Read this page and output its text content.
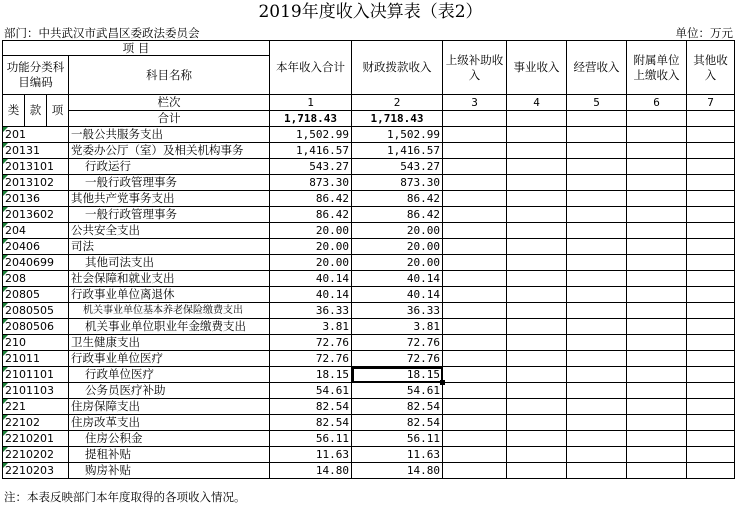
2019年度收入决算表（表2）
部门：中共武汉市武昌区委政法委员会	单位：万元
项 目				本年收入合计	财政拨款收入	上级补助收入	事业收入	经营收入	附属单位上缴收入	其他收入
功能分类科目编码			科目名称							
类	款	项								
			栏次	1	2	3	4	5	6	7
			合计	1,718.43	1,718.43					
201			一般公共服务支出	1,502.99	1,502.99					
20131			党委办公厅（室）及相关机构事务	1,416.57	1,416.57					
2013101			行政运行	543.27	543.27					
2013102			一般行政管理事务	873.30	873.30					
20136			其他共产党事务支出	86.42	86.42					
2013602			一般行政管理事务	86.42	86.42					
204			公共安全支出	20.00	20.00					
20406			司法	20.00	20.00					
2040699			其他司法支出	20.00	20.00					
208			社会保障和就业支出	40.14	40.14					
20805			行政事业单位离退休	40.14	40.14					
2080505			机关事业单位基本养老保险缴费支出	36.33	36.33					
2080506			机关事业单位职业年金缴费支出	3.81	3.81					
210			卫生健康支出	72.76	72.76					
21011			行政事业单位医疗	72.76	72.76					
2101101			行政单位医疗	18.15	18.15					
2101103			公务员医疗补助	54.61	54.61					
221			住房保障支出	82.54	82.54					
22102			住房改革支出	82.54	82.54					
2210201			住房公积金	56.11	56.11					
2210202			提租补贴	11.63	11.63					
2210203			购房补贴	14.80	14.80					
注：本表反映部门本年度取得的各项收入情况。
